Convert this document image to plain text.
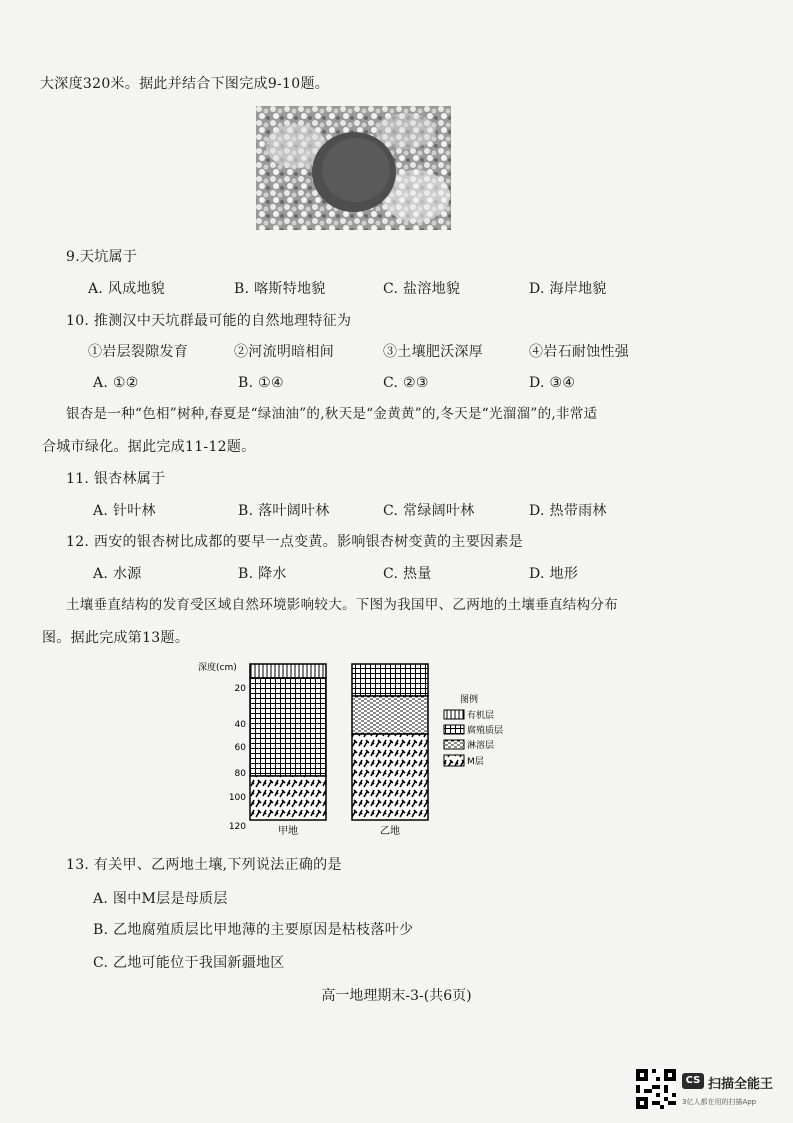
大深度320米。据此并结合下图完成9-10题。
9.天坑属于
A. 风成地貌	B. 喀斯特地貌	C. 盐溶地貌	D. 海岸地貌
10. 推测汉中天坑群最可能的自然地理特征为
①岩层裂隙发育	②河流明暗相间	③土壤肥沃深厚	④岩石耐蚀性强
A. ①②	B. ①④	C. ②③	D. ③④
银杏是一种“色相”树种,春夏是“绿油油”的,秋天是“金黄黄”的,冬天是“光溜溜”的,非常适
合城市绿化。据此完成11-12题。
11. 银杏林属于
A. 针叶林	B. 落叶阔叶林	C. 常绿阔叶林	D. 热带雨林
12. 西安的银杏树比成都的要早一点变黄。影响银杏树变黄的主要因素是
A. 水源	B. 降水	C. 热量	D. 地形
土壤垂直结构的发育受区域自然环境影响较大。下图为我国甲、乙两地的土壤垂直结构分布
图。据此完成第13题。
深度(cm)
20
40
60
80
100
120	甲地	乙地
图例
有机层
腐殖质层
淋溶层
M层
13. 有关甲、乙两地土壤,下列说法正确的是
A. 图中M层是母质层
B. 乙地腐殖质层比甲地薄的主要原因是枯枝落叶少
C. 乙地可能位于我国新疆地区
高一地理期末-3-(共6页)
CS 扫描全能王
3亿人都在用的扫描App
